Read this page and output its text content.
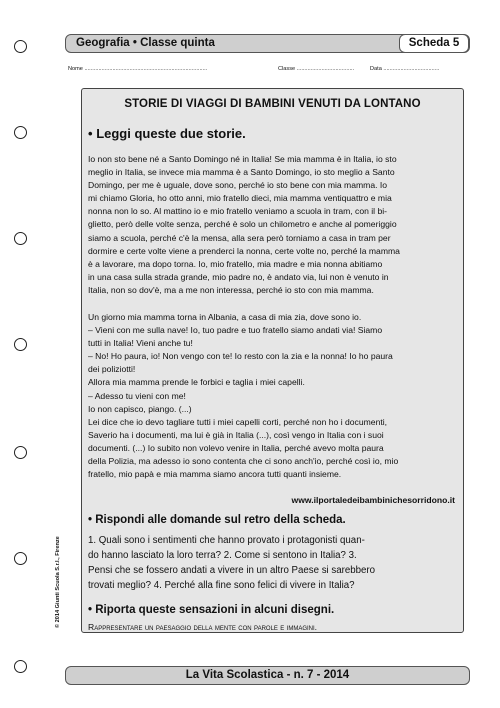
Geografia • Classe quinta	Scheda 5
Nome ...............................................................................	Classe .....................................	Data ....................................
STORIE DI VIAGGI DI BAMBINI VENUTI DA LONTANO
• Leggi queste due storie.

Io non sto bene né a Santo Domingo né in Italia! Se mia mamma è in Italia, io sto
meglio in Italia, se invece mia mamma è a Santo Domingo, io sto meglio a Santo
Domingo, per me è uguale, dove sono, perché io sto bene con mia mamma. Io
mi chiamo Gloria, ho otto anni, mio fratello dieci, mia mamma ventiquattro e mia
nonna non lo so. Al mattino io e mio fratello veniamo a scuola in tram, con il bi-
glietto, però delle volte senza, perché è solo un chilometro e anche al pomeriggio
siamo a scuola, perché c'è la mensa, alla sera però torniamo a casa in tram per
dormire e certe volte viene a prenderci la nonna, certe volte no, perché la mamma
è a lavorare, ma dopo torna. Io, mio fratello, mia madre e mia nonna abitiamo
in una casa sulla strada grande, mio padre no, è andato via, lui non è venuto in
Italia, non so dov'è, ma a me non interessa, perché io sto con mia mamma.

Un giorno mia mamma torna in Albania, a casa di mia zia, dove sono io.
– Vieni con me sulla nave! Io, tuo padre e tuo fratello siamo andati via! Siamo
tutti in Italia! Vieni anche tu!
– No! Ho paura, io! Non vengo con te! Io resto con la zia e la nonna! Io ho paura
dei poliziotti!
Allora mia mamma prende le forbici e taglia i miei capelli.
– Adesso tu vieni con me!
Io non capisco, piango. (...)
Lei dice che io devo tagliare tutti i miei capelli corti, perché non ho i documenti,
Saverio ha i documenti, ma lui è già in Italia (...), così vengo in Italia con i suoi
documenti. (...) Io subito non volevo venire in Italia, perché avevo molta paura
della Polizia, ma adesso io sono contenta che ci sono anch'io, perché così io, mio
fratello, mio papà e mia mamma siamo ancora tutti quanti insieme.

www.ilportaledeibambinichesorridono.it
• Rispondi alle domande sul retro della scheda.
1. Quali sono i sentimenti che hanno provato i protagonisti quan-
do hanno lasciato la loro terra? 2. Come si sentono in Italia? 3.
Pensi che se fossero andati a vivere in un altro Paese si sarebbero
trovati meglio? 4. Perché alla fine sono felici di vivere in Italia?
• Riporta queste sensazioni in alcuni disegni.
Rappresentare un paesaggio della mente con parole e immagini.
© 2014 Giunti Scuola S.r.l., Firenze
La Vita Scolastica - n. 7 - 2014
